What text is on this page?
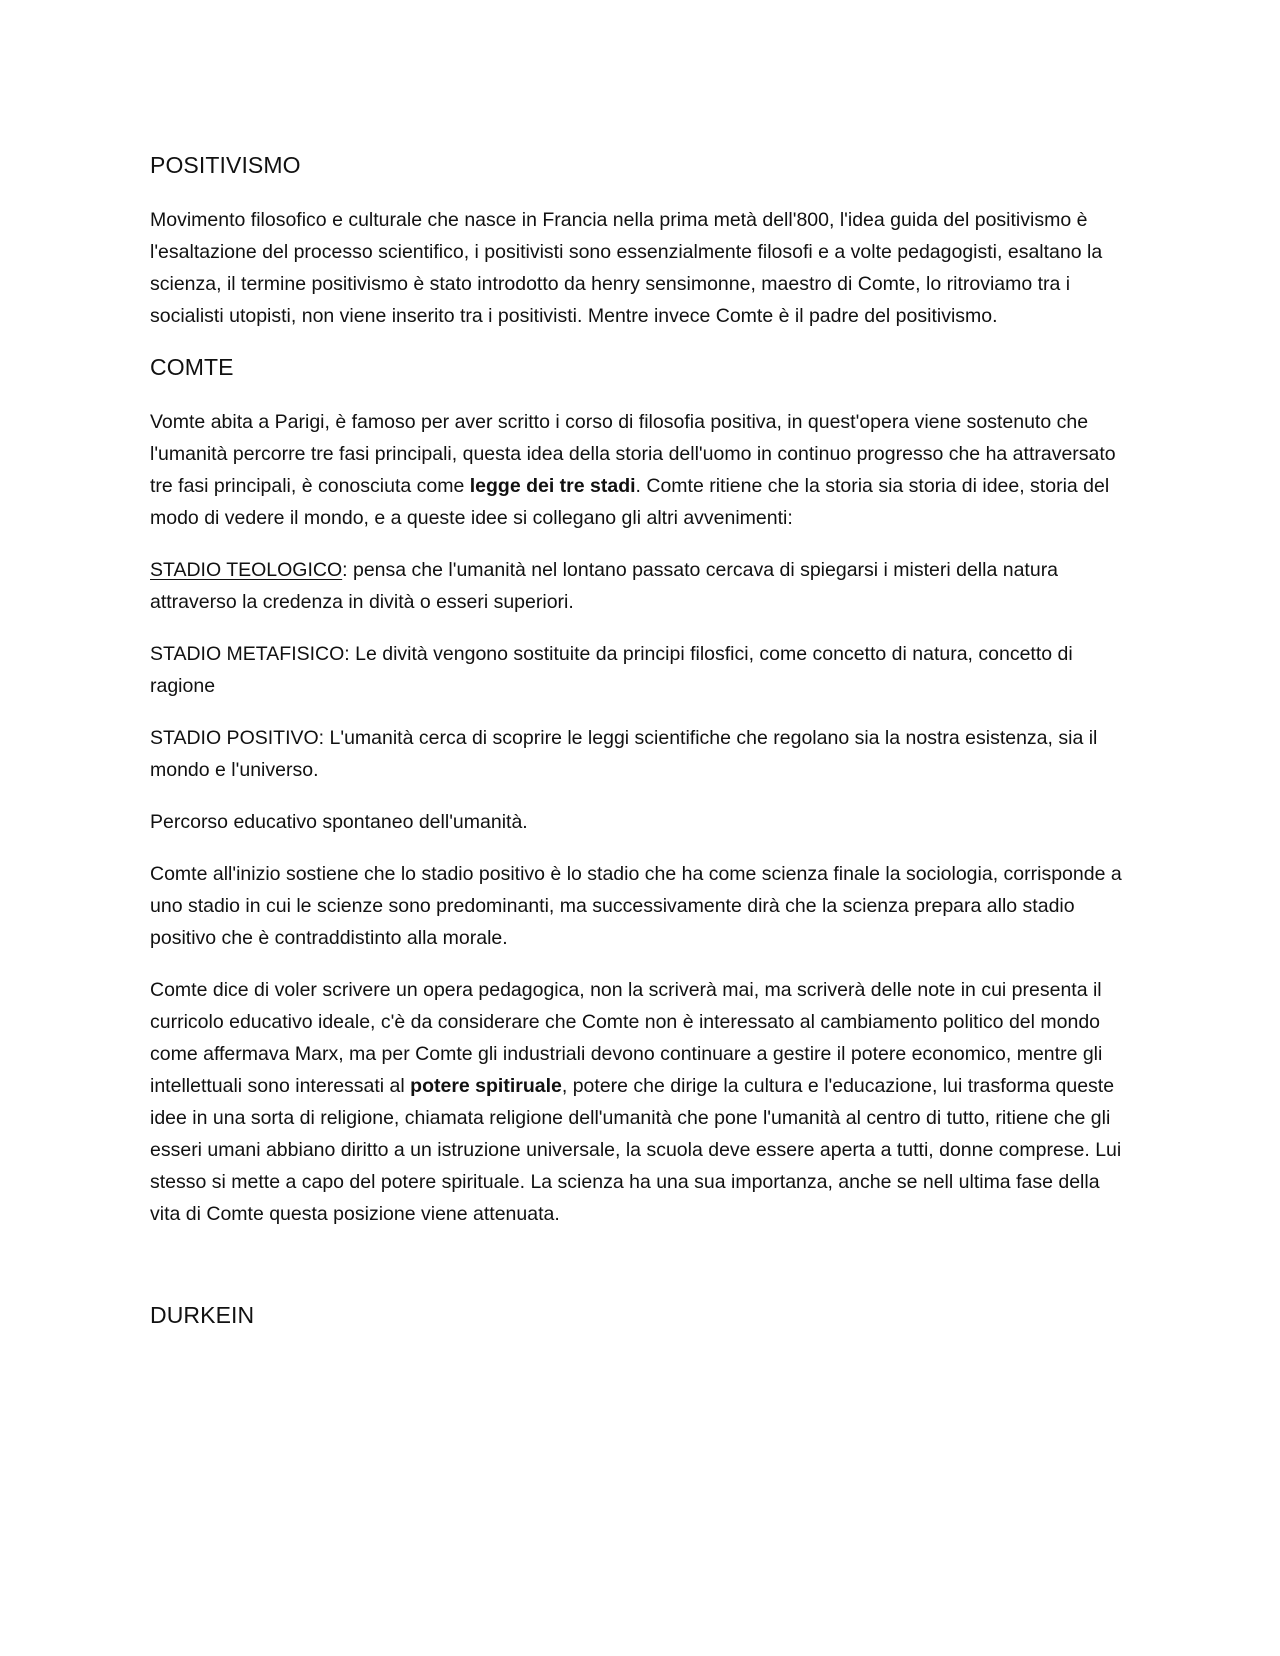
POSITIVISMO

Movimento filosofico e culturale che nasce in Francia nella prima metà dell'800, l'idea guida del positivismo è l'esaltazione del processo scientifico, i positivisti sono essenzialmente filosofi e a volte pedagogisti, esaltano la scienza, il termine positivismo è stato introdotto da henry sensimonne, maestro di Comte, lo ritroviamo tra i socialisti utopisti, non viene inserito tra i positivisti. Mentre invece Comte è il padre del positivismo.

COMTE

Vomte abita a Parigi, è famoso per aver scritto i corso di filosofia positiva, in quest'opera viene sostenuto che l'umanità percorre tre fasi principali, questa idea della storia dell'uomo in continuo progresso che ha attraversato tre fasi principali, è conosciuta come legge dei tre stadi. Comte ritiene che la storia sia storia di idee, storia del modo di vedere il mondo, e a queste idee si collegano gli altri avvenimenti:

STADIO TEOLOGICO: pensa che l'umanità nel lontano passato cercava di spiegarsi i misteri della natura attraverso la credenza in dività o esseri superiori.

STADIO METAFISICO: Le dività vengono sostituite da principi filosfici, come concetto di natura, concetto di ragione

STADIO POSITIVO: L'umanità cerca di scoprire le leggi scientifiche che regolano sia la nostra esistenza, sia il mondo e l'universo.

Percorso educativo spontaneo dell'umanità.

Comte all'inizio sostiene che lo stadio positivo è lo stadio che ha come scienza finale la sociologia, corrisponde a uno stadio in cui le scienze sono predominanti, ma successivamente dirà che la scienza prepara allo stadio positivo che è contraddistinto alla morale.

Comte dice di voler scrivere un opera pedagogica, non la scriverà mai, ma scriverà delle note in cui presenta il curricolo educativo ideale, c'è da considerare che Comte non è interessato al cambiamento politico del mondo come affermava Marx, ma per Comte gli industriali devono continuare a gestire il potere economico, mentre gli intellettuali sono interessati al potere spitiruale, potere che dirige la cultura e l'educazione, lui trasforma queste idee in una sorta di religione, chiamata religione dell'umanità che pone l'umanità al centro di tutto, ritiene che gli esseri umani abbiano diritto a un istruzione universale, la scuola deve essere aperta a tutti, donne comprese. Lui stesso si mette a capo del potere spirituale. La scienza ha una sua importanza, anche se nell ultima fase della vita di Comte questa posizione viene attenuata.

DURKEIN
